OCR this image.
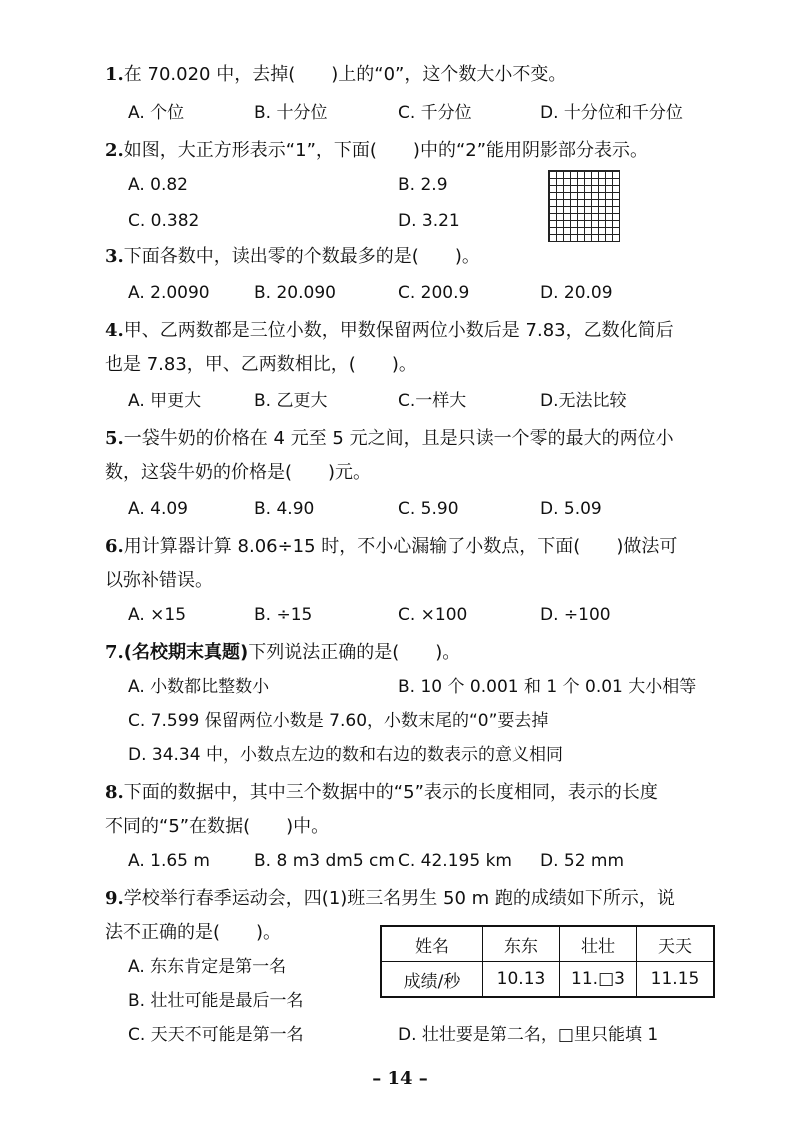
1.在 70.020 中，去掉(　　)上的“0”，这个数大小不变。
A. 个位	B. 十分位	C. 千分位	D. 十分位和千分位
2.如图，大正方形表示“1”，下面(　　)中的“2”能用阴影部分表示。
A. 0.82	B. 2.9
C. 0.382	D. 3.21
3.下面各数中，读出零的个数最多的是(　　)。
A. 2.0090	B. 20.090	C. 200.9	D. 20.09
4.甲、乙两数都是三位小数，甲数保留两位小数后是 7.83，乙数化简后
也是 7.83，甲、乙两数相比，(　　)。
A. 甲更大	B. 乙更大	C.一样大	D.无法比较
5.一袋牛奶的价格在 4 元至 5 元之间，且是只读一个零的最大的两位小
数，这袋牛奶的价格是(　　)元。
A. 4.09	B. 4.90	C. 5.90	D. 5.09
6.用计算器计算 8.06÷15 时，不小心漏输了小数点，下面(　　)做法可
以弥补错误。
A. ×15	B. ÷15	C. ×100	D. ÷100
7.(名校期末真题)下列说法正确的是(　　)。
A. 小数都比整数小	B. 10 个 0.001 和 1 个 0.01 大小相等
C. 7.599 保留两位小数是 7.60，小数末尾的“0”要去掉
D. 34.34 中，小数点左边的数和右边的数表示的意义相同
8.下面的数据中，其中三个数据中的“5”表示的长度相同，表示的长度
不同的“5”在数据(　　)中。
A. 1.65 m	B. 8 m3 dm5 cm C. 42.195 km D. 52 mm
9.学校举行春季运动会，四(1)班三名男生 50 m 跑的成绩如下所示，说
法不正确的是(　　)。
A. 东东肯定是第一名
B. 壮壮可能是最后一名
C. 天天不可能是第一名	D. 壮壮要是第二名，□里只能填 1
姓名	东东	壮壮	天天
成绩/秒	10.13	11.□3	11.15
– 14 –
